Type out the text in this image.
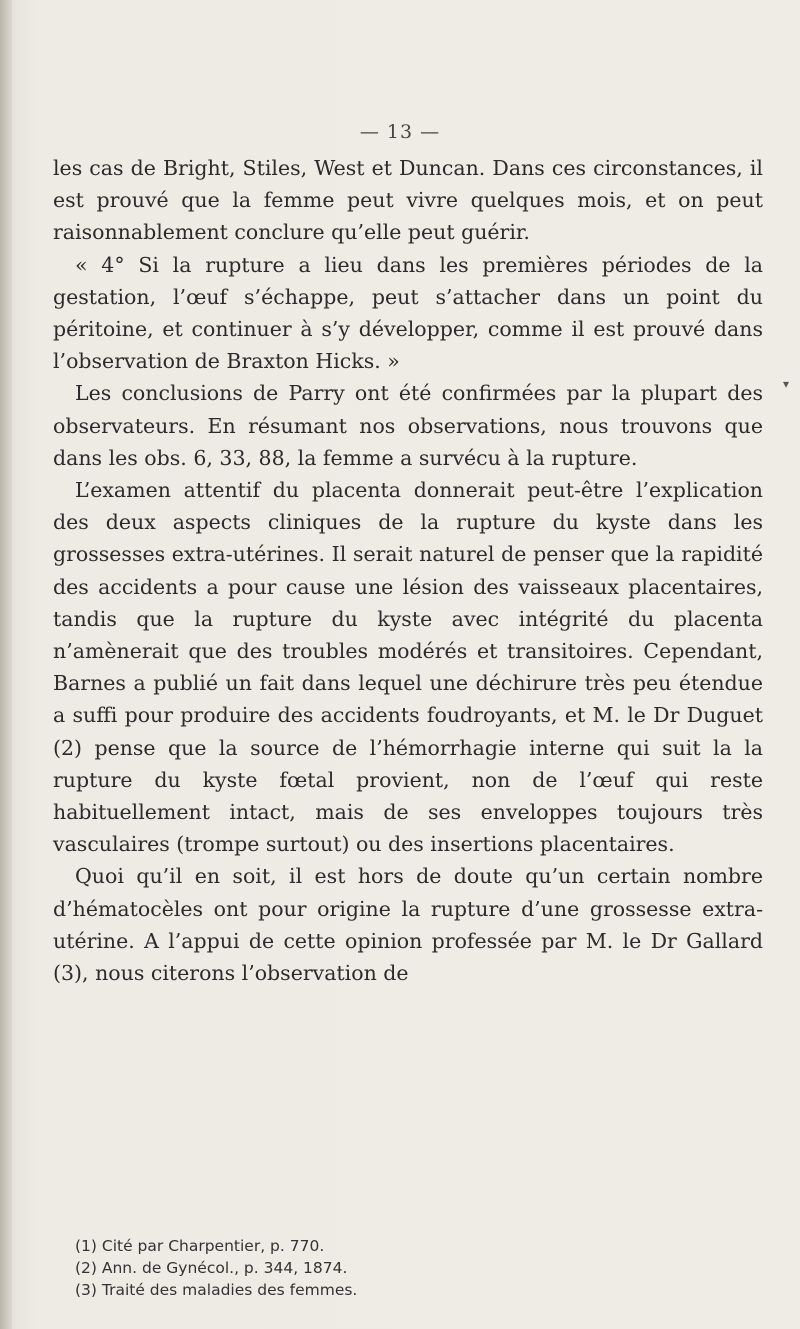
— 13 —

les cas de Bright, Stiles, West et Duncan. Dans ces circonstances, il est prouvé que la femme peut vivre quelques mois, et on peut raisonnablement conclure qu’elle peut guérir.

« 4° Si la rupture a lieu dans les premières périodes de la gestation, l’œuf s’échappe, peut s’attacher dans un point du péritoine, et continuer à s’y développer, comme il est prouvé dans l’observation de Braxton Hicks. »

Les conclusions de Parry ont été confirmées par la plupart des observateurs. En résumant nos observations, nous trouvons que dans les obs. 6, 33, 88, la femme a survécu à la rupture.

L’examen attentif du placenta donnerait peut-être l’explication des deux aspects cliniques de la rupture du kyste dans les grossesses extra-utérines. Il serait naturel de penser que la rapidité des accidents a pour cause une lésion des vaisseaux placentaires, tandis que la rupture du kyste avec intégrité du placenta n’amènerait que des troubles modérés et transitoires. Cependant, Barnes a publié un fait dans lequel une déchirure très peu étendue a suffi pour produire des accidents foudroyants, et M. le Dr Duguet (2) pense que la source de l’hémorrhagie interne qui suit la la rupture du kyste fœtal provient, non de l’œuf qui reste habituellement intact, mais de ses enveloppes toujours très vasculaires (trompe surtout) ou des insertions placentaires.

Quoi qu’il en soit, il est hors de doute qu’un certain nombre d’hématocèles ont pour origine la rupture d’une grossesse extra-utérine. A l’appui de cette opinion professée par M. le Dr Gallard (3), nous citerons l’observation de

(1) Cité par Charpentier, p. 770.
(2) Ann. de Gynécol., p. 344, 1874.
(3) Traité des maladies des femmes.
▾
